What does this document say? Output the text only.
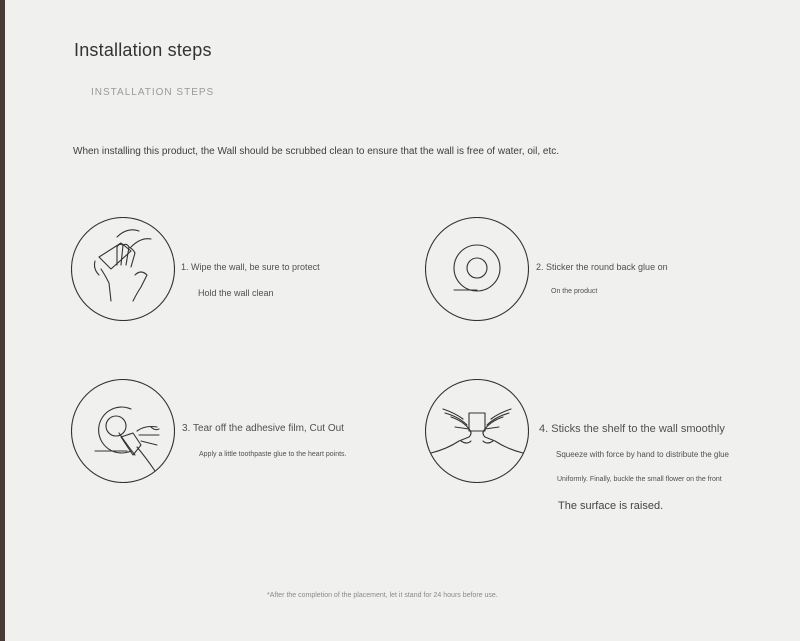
Installation steps
INSTALLATION STEPS
When installing this product, the Wall should be scrubbed clean to ensure that the wall is free of water, oil, etc.
1. Wipe the wall, be sure to protect
Hold the wall clean
2. Sticker the round back glue on
On the product
3. Tear off the adhesive film, Cut Out
Apply a little toothpaste glue to the heart points.
4. Sticks the shelf to the wall smoothly
Squeeze with force by hand to distribute the glue
Uniformly. Finally, buckle the small flower on the front
The surface is raised.
*After the completion of the placement, let it stand for 24 hours before use.
